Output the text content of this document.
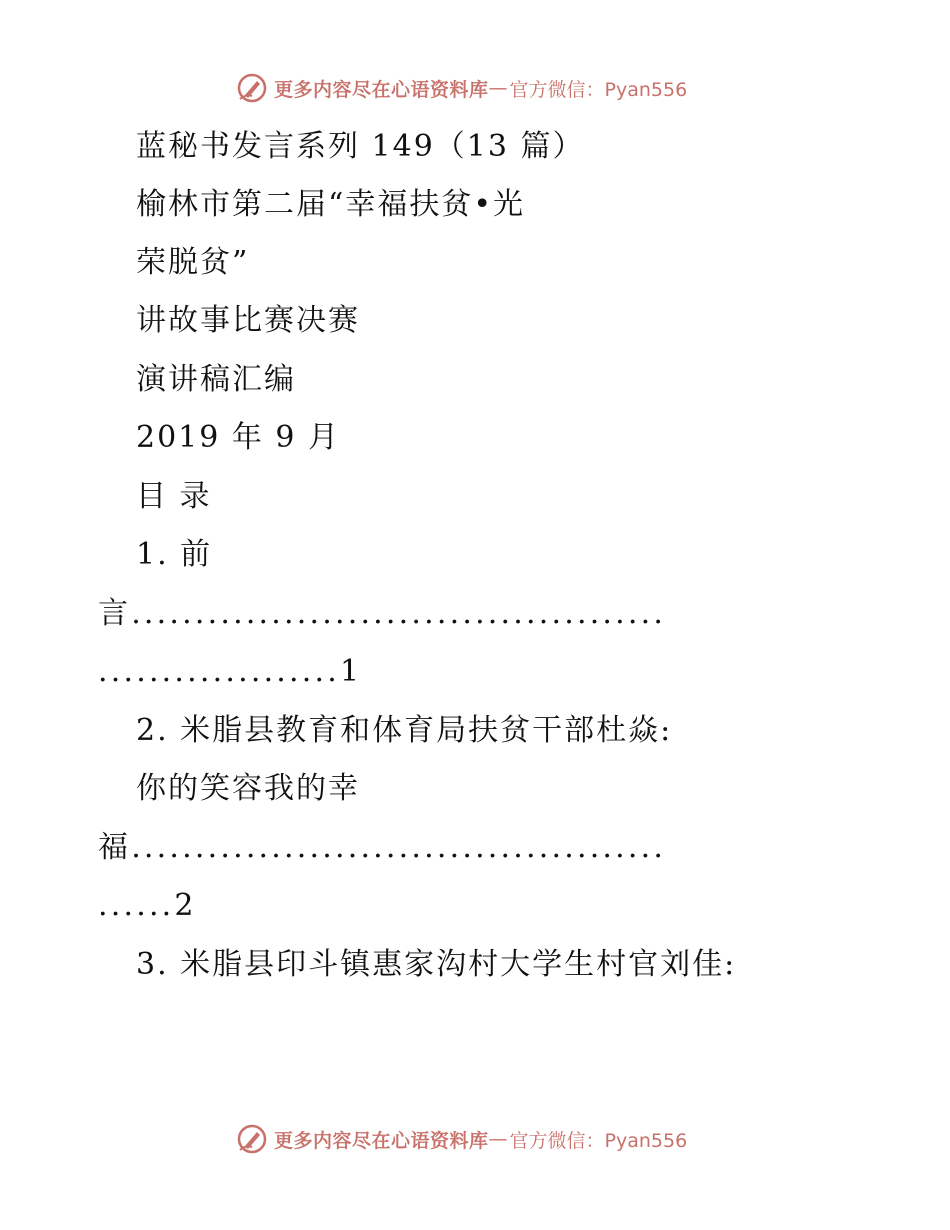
更多内容尽在心语资料库 — 官方微信：Pyan556
蓝秘书发言系列 149（13 篇）
榆林市第二届“幸福扶贫•光
荣脱贫”
讲故事比赛决赛
演讲稿汇编
2019 年 9 月
目 录
1. 前
言..........................................
...................1
2. 米脂县教育和体育局扶贫干部杜焱:
你的笑容我的幸
福..........................................
......2
3. 米脂县印斗镇惠家沟村大学生村官刘佳:
更多内容尽在心语资料库 — 官方微信：Pyan556
